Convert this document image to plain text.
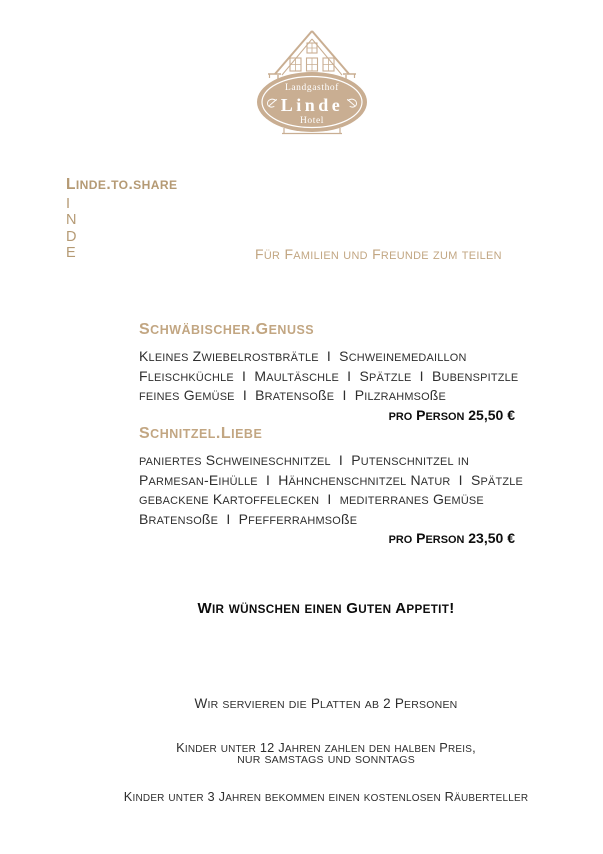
Landgasthof
Linde
Hotel
LINDE.TO.SHARE
I
N
D
E	FÜR FAMILIEN UND FREUNDE ZUM TEILEN
SCHWÄBISCHER.GENUSS
KLEINES ZWIEBELROSTBRÄTLE I SCHWEINEMEDAILLON
FLEISCHKÜCHLE I MAULTÄSCHLE I SPÄTZLE I BUBENSPITZLE
FEINES GEMÜSE I BRATENSOßE I PILZRAHMSOßE
PRO PERSON 25,50 €
SCHNITZEL.LIEBE
PANIERTES SCHWEINESCHNITZEL I PUTENSCHNITZEL IN
PARMESAN-EIHÜLLE I HÄHNCHENSCHNITZEL NATUR I SPÄTZLE
GEBACKENE KARTOFFELECKEN I MEDITERRANES GEMÜSE
BRATENSOßE I PFEFFERRAHMSOßE
PRO PERSON 23,50 €
WIR WÜNSCHEN EINEN GUTEN APPETIT!

WIR SERVIEREN DIE PLATTEN AB 2 PERSONEN

NUR SAMSTAGS UND SONNTAGS

KINDER UNTER 12 JAHREN ZAHLEN DEN HALBEN PREIS,

KINDER UNTER 3 JAHREN BEKOMMEN EINEN KOSTENLOSEN RÄUBERTELLER
